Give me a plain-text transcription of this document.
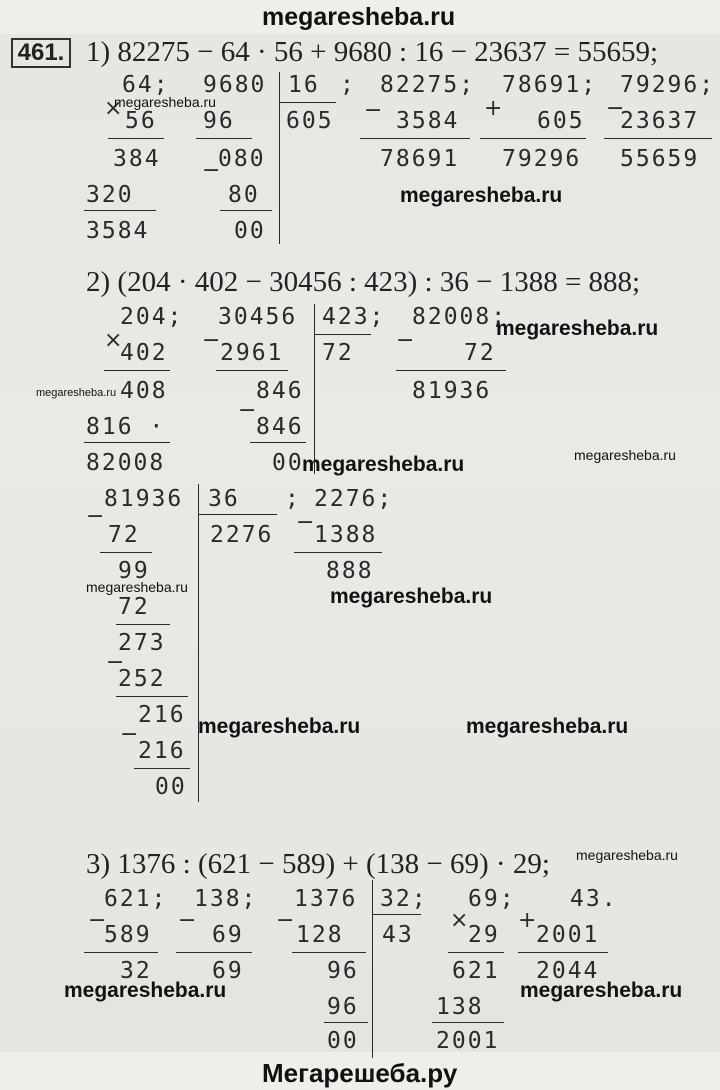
megaresheba.ru
Мегарешеба.ру
461. 1) 82275 − 64 · 56 + 9680 : 16 − 23637 = 55659;
×
64;
56
384
320
3584
9680
96
−
080
80
00
16
605
;
−
82275;
3584
78691
+
78691;
605
79296
−
79296;
23637
55659
2) (204 · 402 − 30456 : 423) : 36 − 1388 = 888;
×
204;
402
408
816 ·
82008
−
30456
2961
846
−
846
00
423;
72 −
82008;
72
81936
−
81936
72
99
72
273
−
252
216
−
216
00
36
2276
;
−
2276;
1388
888
3) 1376 : (621 − 589) + (138 − 69) · 29;
−
621;
589
32
−
138;
69
69
−
1376
128
96
96
00
32;
43
×
69;
29
621
138
2001
+
43.
2001
2044
megaresheba.ru
megaresheba.ru
megaresheba.ru
megaresheba.ru
megaresheba.ru
megaresheba.ru
megaresheba.ru	megaresheba.ru
megaresheba.ru	megaresheba.ru
megaresheba.ru
megaresheba.ru	megaresheba.ru
